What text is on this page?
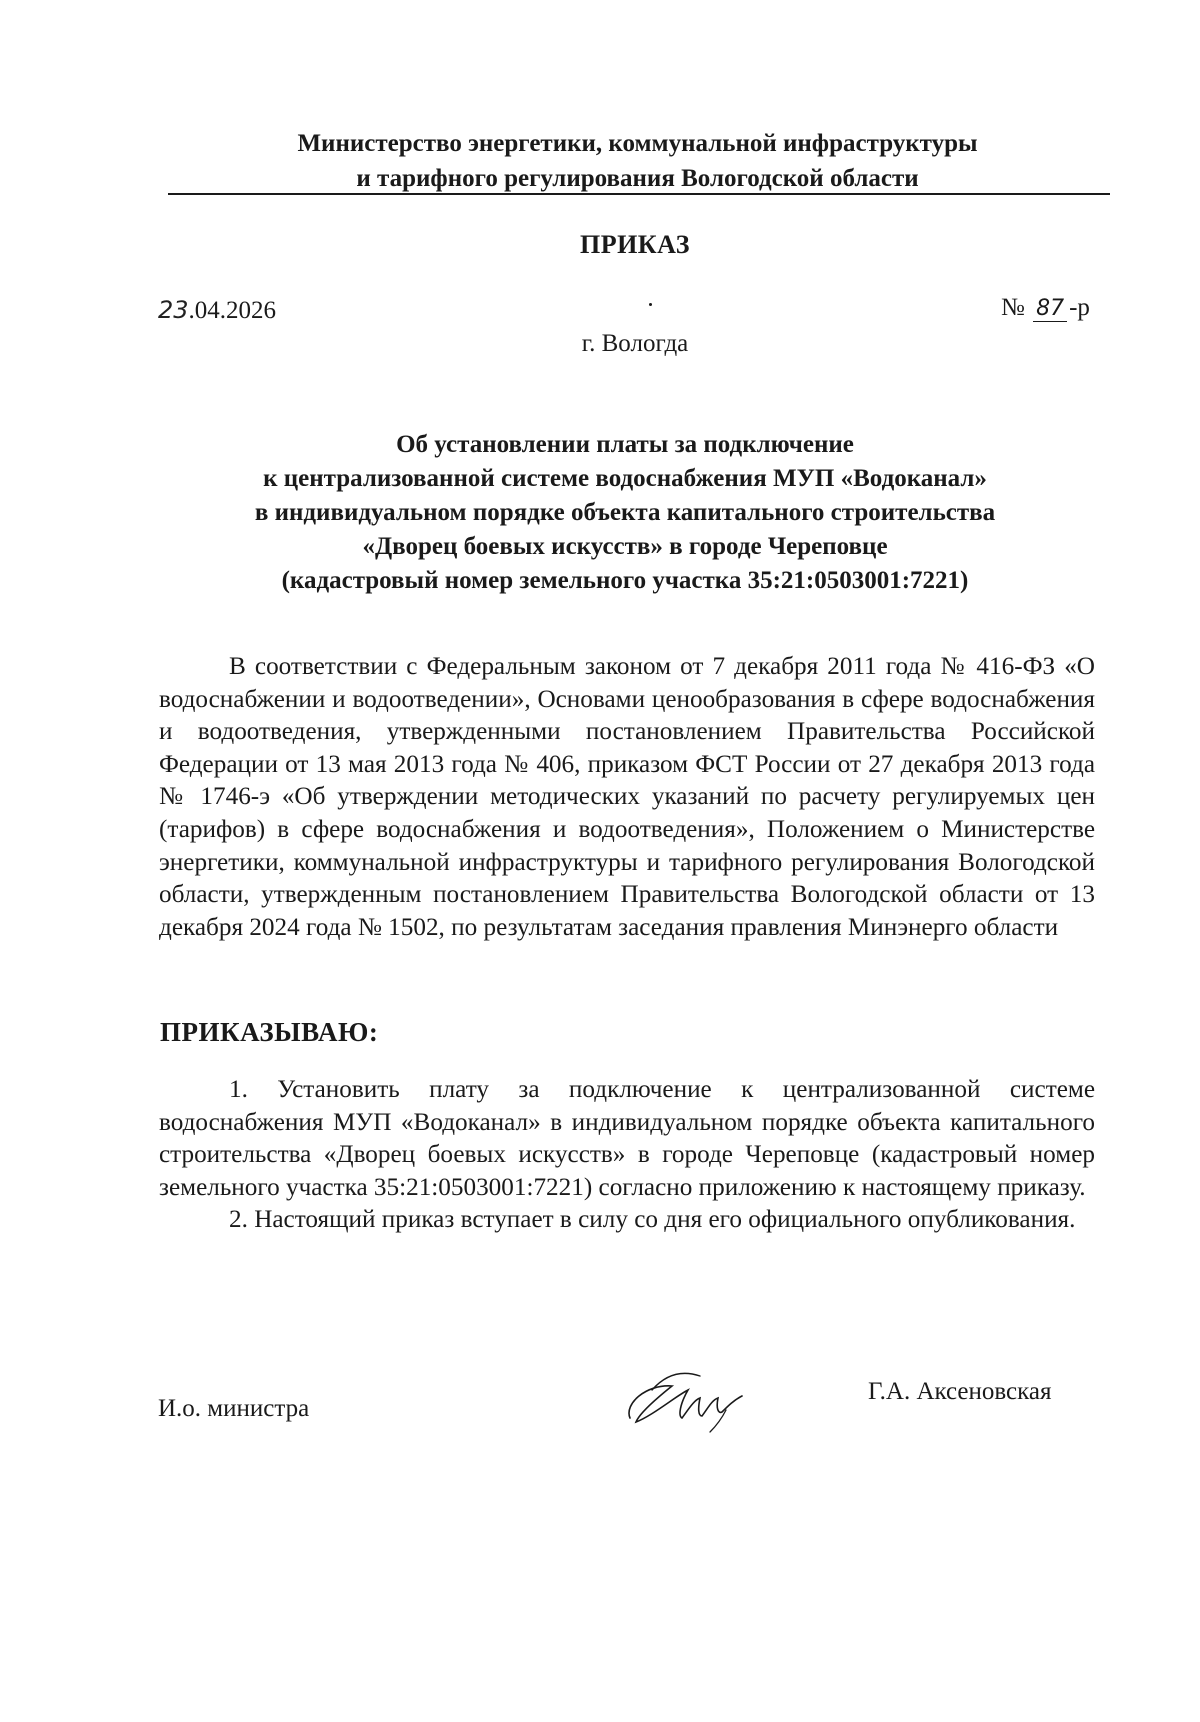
Министерство энергетики, коммунальной инфраструктуры
и тарифного регулирования Вологодской области
ПРИКАЗ
23.04.2026	№ 87 -р
г. Вологда
Об установлении платы за подключение
к централизованной системе водоснабжения МУП «Водоканал»
в индивидуальном порядке объекта капитального строительства
«Дворец боевых искусств» в городе Череповце
(кадастровый номер земельного участка 35:21:0503001:7221)

В соответствии с Федеральным законом от 7 декабря 2011 года № 416-ФЗ «О водоснабжении и водоотведении», Основами ценообразования в сфере водоснабжения и водоотведения, утвержденными постановлением Правительства Российской Федерации от 13 мая 2013 года № 406, приказом ФСТ России от 27 декабря 2013 года № 1746-э «Об утверждении методических указаний по расчету регулируемых цен (тарифов) в сфере водоснабжения и водоотведения», Положением о Министерстве энергетики, коммунальной инфраструктуры и тарифного регулирования Вологодской области, утвержденным постановлением Правительства Вологодской области от 13 декабря 2024 года № 1502, по результатам заседания правления Минэнерго области

ПРИКАЗЫВАЮ:

1. Установить плату за подключение к централизованной системе водоснабжения МУП «Водоканал» в индивидуальном порядке объекта капитального строительства «Дворец боевых искусств» в городе Череповце (кадастровый номер земельного участка 35:21:0503001:7221) согласно приложению к настоящему приказу.

2. Настоящий приказ вступает в силу со дня его официального опубликования.

И.о. министра
Г.А. Аксеновская
